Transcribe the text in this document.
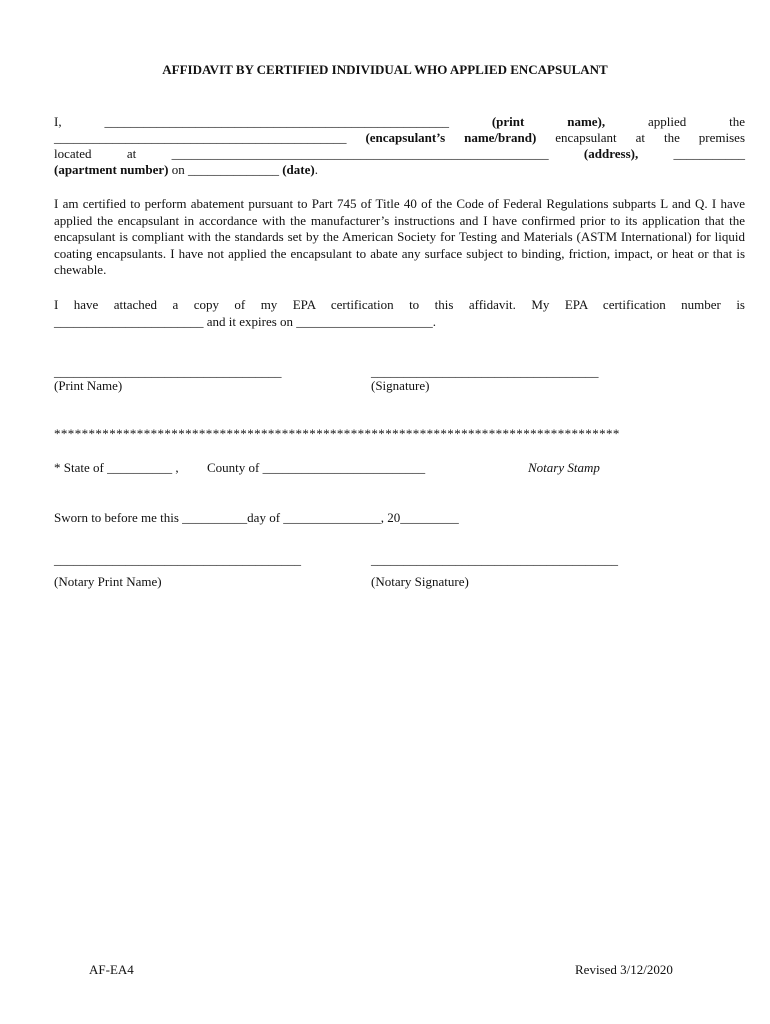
AFFIDAVIT BY CERTIFIED INDIVIDUAL WHO APPLIED ENCAPSULANT
I,	_____________________________________________________	(print	name),	applied	the
_____________________________________________ (encapsulant’s name/brand) encapsulant at the premises
located	at	__________________________________________________________	(address),	___________
(apartment number) on ______________ (date).
I am certified to perform abatement pursuant to Part 745 of Title 40 of the Code of Federal Regulations subparts L and Q. I have applied the encapsulant in accordance with the manufacturer’s instructions and I have confirmed prior to its application that the encapsulant is compliant with the standards set by the American Society for Testing and Materials (ASTM International) for liquid coating encapsulants. I have not applied the encapsulant to abate any surface subject to binding, friction, impact, or heat or that is chewable.
I have attached a copy of my EPA certification to this affidavit. My EPA certification number is
_______________________ and it expires on _____________________.
___________________________________	___________________________________
(Print Name)	(Signature)
**********************************************************************************
* State of __________ , County of _________________________	Notary Stamp
Sworn to before me this __________day of _______________, 20_________
______________________________________	______________________________________
(Notary Print Name)	(Notary Signature)
AF-EA4	Revised 3/12/2020
